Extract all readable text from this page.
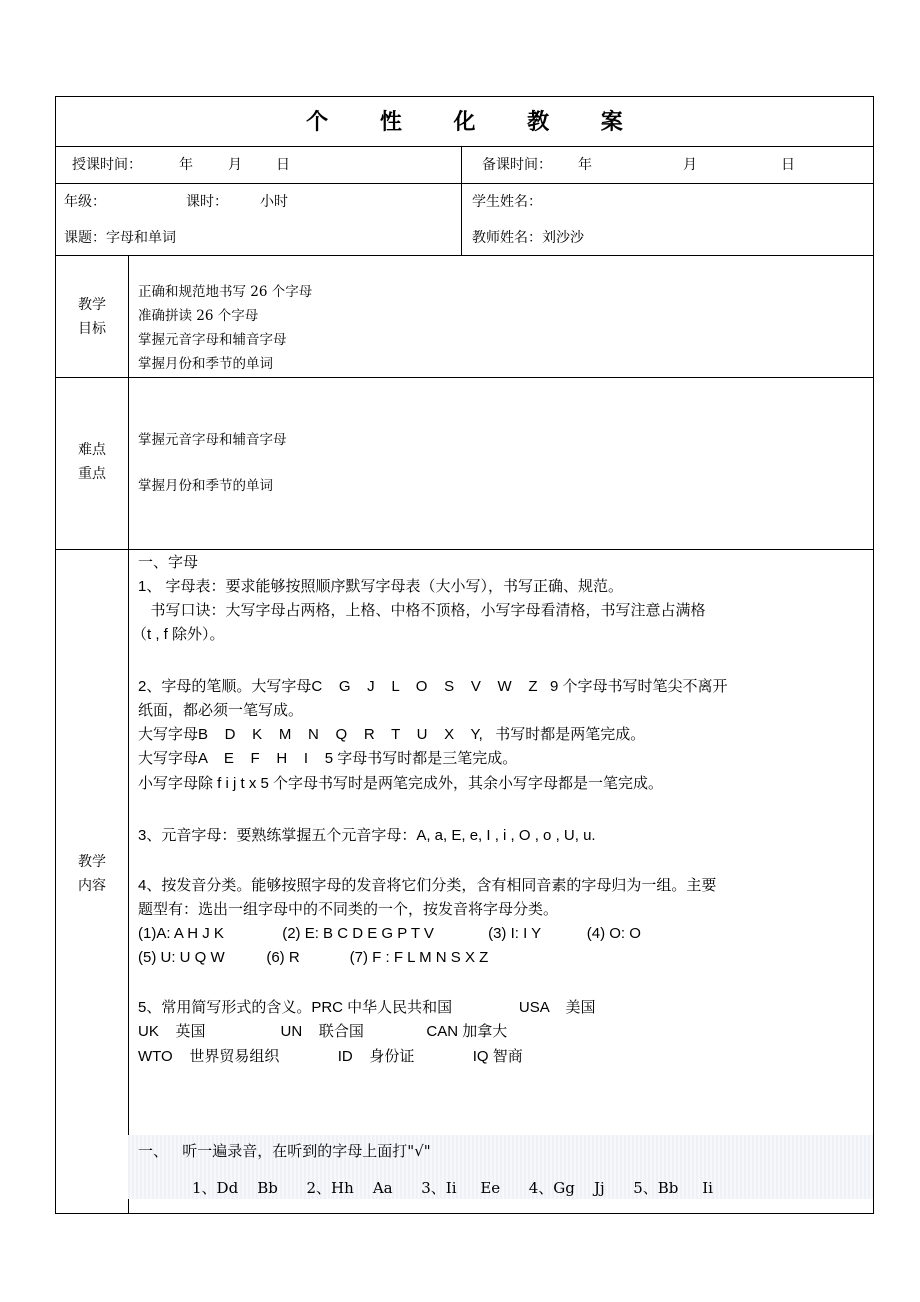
个 性 化 教 案
授课时间：	年	月 日	备课时间： 年	月	日
年级：	课时： 小时
课题：字母和单词
学生姓名：
教师姓名：刘沙沙
教学
目标
正确和规范地书写 26 个字母
准确拼读 26 个字母
掌握元音字母和辅音字母
掌握月份和季节的单词
难点
重点
掌握元音字母和辅音字母
掌握月份和季节的单词
教学
内容
一、字母
1、 字母表：要求能够按照顺序默写字母表（大小写），书写正确、规范。
书写口诀：大写字母占两格，上格、中格不顶格，小写字母看清格，书写注意占满格
（t , f 除外）。
2、字母的笔顺。大写字母C    G    J    L    O    S    V    W    Z   9 个字母书写时笔尖不离开
纸面，都必须一笔写成。
大写字母B    D    K    M    N    Q    R    T    U    X    Y,   书写时都是两笔完成。
大写字母A    E    F    H    I    5 字母书写时都是三笔完成。
小写字母除 f i j t x 5 个字母书写时是两笔完成外，其余小写字母都是一笔完成。
3、元音字母：要熟练掌握五个元音字母：A, a, E, e, I , i , O , o , U, u.
4、按发音分类。能够按照字母的发音将它们分类，含有相同音素的字母归为一组。主要
题型有：选出一组字母中的不同类的一个，按发音将字母分类。
(1)A: A H J K              (2) E: B C D E G P T V             (3) I: I Y           (4) O: O
(5) U: U Q W          (6) R            (7) F : F L M N S X Z
5、常用简写形式的含义。PRC 中华人民共和国                USA    美国
UK    英国                  UN    联合国               CAN 加拿大
WTO    世界贸易组织              ID    身份证              IQ 智商
一、   听一遍录音，在听到的字母上面打"√"
1、Dd    Bb      2、Hh    Aa      3、Ii     Ee      4、Gg    Jj      5、Bb     Ii
